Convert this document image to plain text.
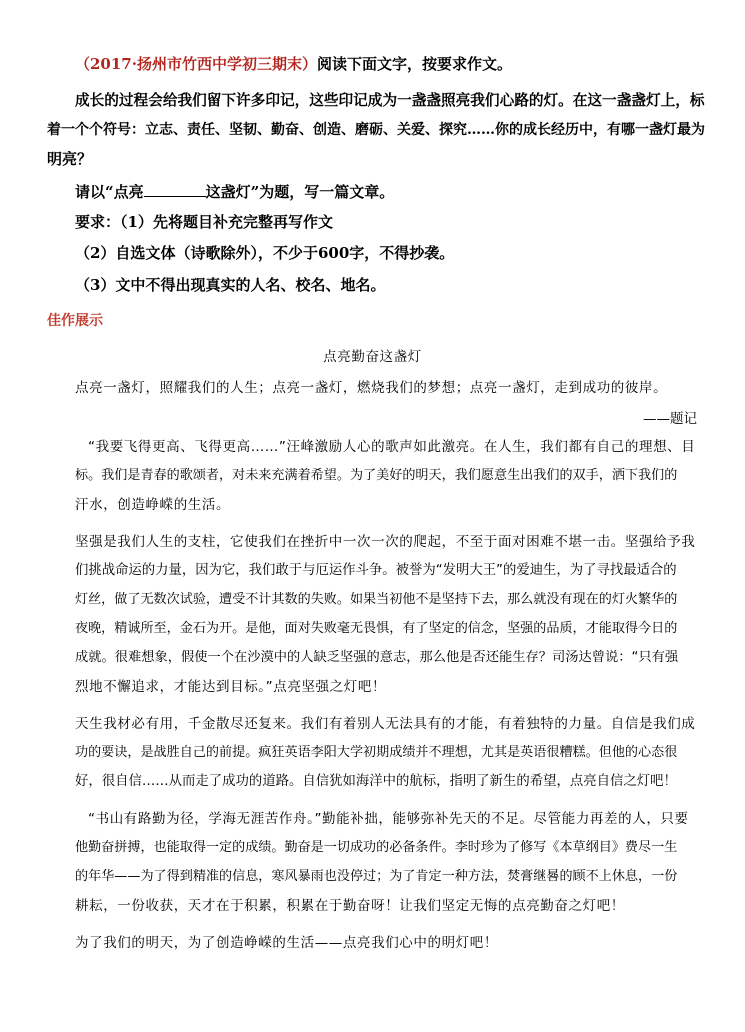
（2017·扬州市竹西中学初三期末）阅读下面文字，按要求作文。
成长的过程会给我们留下许多印记，这些印记成为一盏盏照亮我们心路的灯。在这一盏盏灯上，标
着一个个符号：立志、责任、坚韧、勤奋、创造、磨砺、关爱、探究……你的成长经历中，有哪一盏灯最为
明亮？
请以“点亮	这盏灯”为题，写一篇文章。
要求：（1）先将题目补充完整再写作文
（2）自选文体（诗歌除外），不少于600字，不得抄袭。
（3）文中不得出现真实的人名、校名、地名。
佳作展示
点亮勤奋这盏灯
点亮一盏灯，照耀我们的人生；点亮一盏灯，燃烧我们的梦想；点亮一盏灯，走到成功的彼岸。
——题记
“我要飞得更高、飞得更高……”汪峰激励人心的歌声如此激亮。在人生，我们都有自己的理想、目
标。我们是青春的歌颂者，对未来充满着希望。为了美好的明天，我们愿意生出我们的双手，洒下我们的
汗水，创造峥嵘的生活。
坚强是我们人生的支柱，它使我们在挫折中一次一次的爬起，不至于面对困难不堪一击。坚强给予我
们挑战命运的力量，因为它，我们敢于与厄运作斗争。被誉为“发明大王”的爱迪生，为了寻找最适合的
灯丝，做了无数次试验，遭受不计其数的失败。如果当初他不是坚持下去，那么就没有现在的灯火繁华的
夜晚，精诚所至，金石为开。是他，面对失败毫无畏惧，有了坚定的信念，坚强的品质，才能取得今日的
成就。很难想象，假使一个在沙漠中的人缺乏坚强的意志，那么他是否还能生存？司汤达曾说：“只有强
烈地不懈追求，才能达到目标。”点亮坚强之灯吧！
天生我材必有用，千金散尽还复来。我们有着别人无法具有的才能，有着独特的力量。自信是我们成
功的要诀，是战胜自己的前提。疯狂英语李阳大学初期成绩并不理想，尤其是英语很糟糕。但他的心态很
好，很自信……从而走了成功的道路。自信犹如海洋中的航标，指明了新生的希望，点亮自信之灯吧！
“书山有路勤为径，学海无涯苦作舟。”勤能补拙，能够弥补先天的不足。尽管能力再差的人，只要
他勤奋拼搏，也能取得一定的成绩。勤奋是一切成功的必备条件。李时珍为了修写《本草纲目》费尽一生
的年华——为了得到精准的信息，寒风暴雨也没停过；为了肯定一种方法，焚膏继晷的顾不上休息，一份
耕耘，一份收获，天才在于积累，积累在于勤奋呀！让我们坚定无悔的点亮勤奋之灯吧！
为了我们的明天，为了创造峥嵘的生活——点亮我们心中的明灯吧！
